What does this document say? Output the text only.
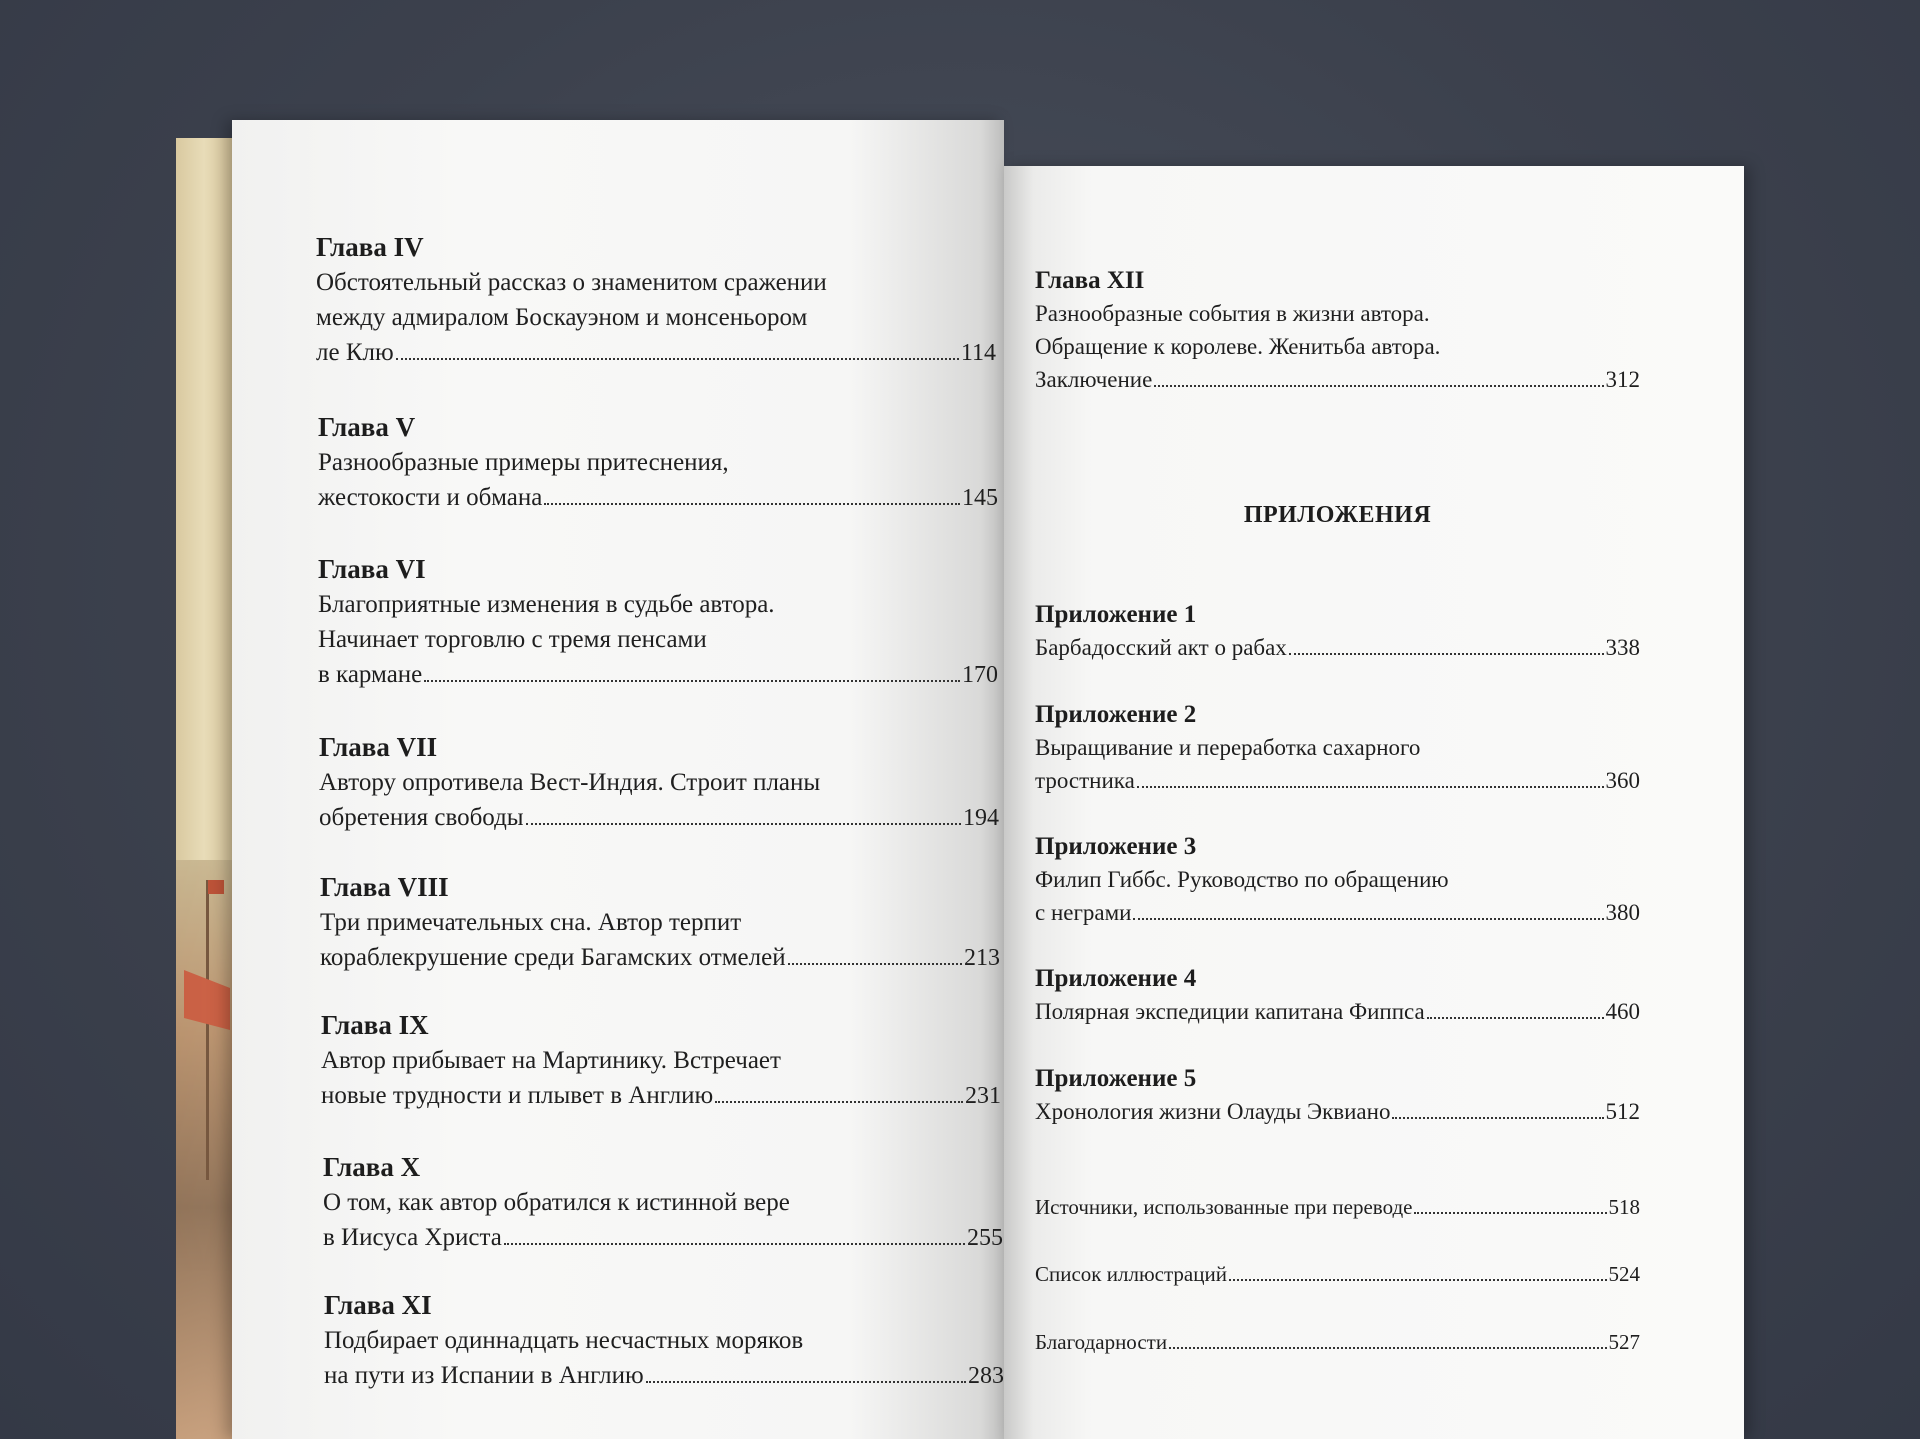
Глава IV
Обстоятельный рассказ о знаменитом сражении
между адмиралом Боскауэном и монсеньором
ле Клю	114
Глава V
Разнообразные примеры притеснения,
жестокости и обмана	145
Глава VI
Благоприятные изменения в судьбе автора.
Начинает торговлю с тремя пенсами
в кармане	170
Глава VII
Автору опротивела Вест-Индия. Строит планы
обретения свободы	194
Глава VIII
Три примечательных сна. Автор терпит
кораблекрушение среди Багамских отмелей	213
Глава IX
Автор прибывает на Мартинику. Встречает
новые трудности и плывет в Англию	231
Глава X
О том, как автор обратился к истинной вере
в Иисуса Христа	255
Глава XI
Подбирает одиннадцать несчастных моряков
на пути из Испании в Англию	283
Глава XII
Разнообразные события в жизни автора.
Обращение к королеве. Женитьба автора.
Заключение	312
ПРИЛОЖЕНИЯ
Приложение 1
Барбадосский акт о рабах	338
Приложение 2
Выращивание и переработка сахарного
тростника	360
Приложение 3
Филип Гиббс. Руководство по обращению
с неграми	380
Приложение 4
Полярная экспедиции капитана Фиппса	460
Приложение 5
Хронология жизни Олауды Эквиано	512
Источники, использованные при переводе	518
Список иллюстраций	524
Благодарности	527
